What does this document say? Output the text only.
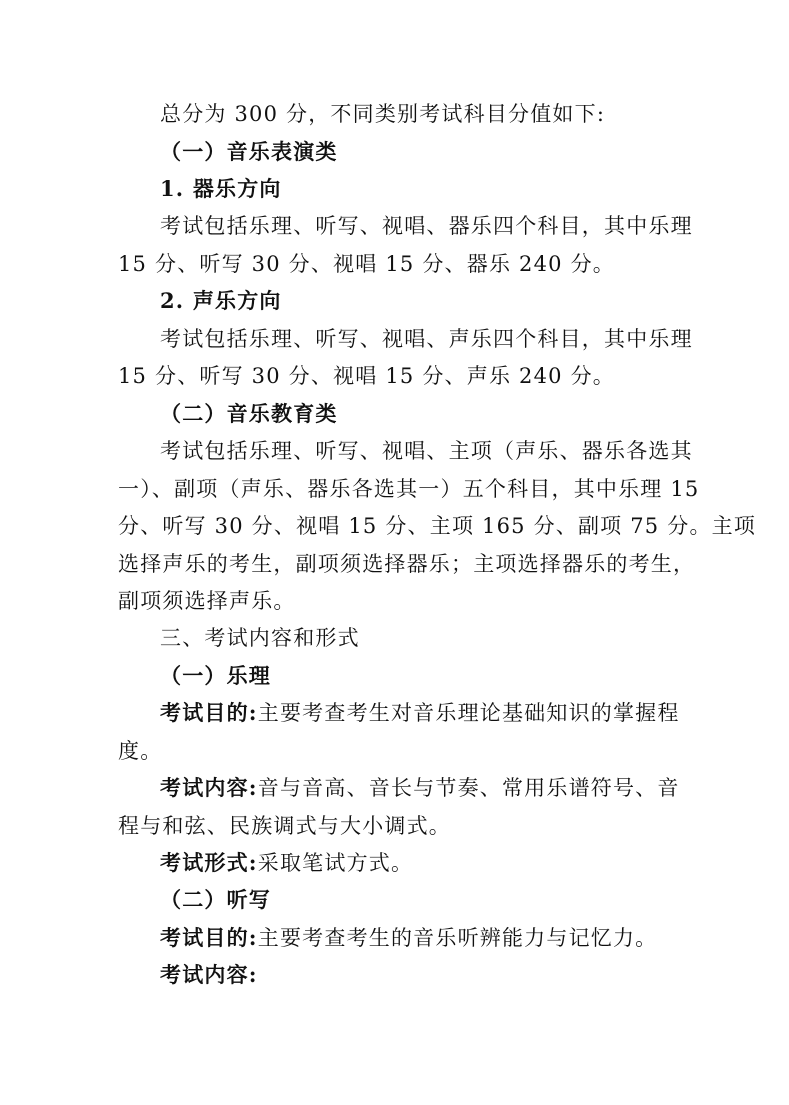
总分为 300 分，不同类别考试科目分值如下:
（一）音乐表演类
1. 器乐方向
考试包括乐理、听写、视唱、器乐四个科目，其中乐理
15 分、听写 30 分、视唱 15 分、器乐 240 分。
2. 声乐方向
考试包括乐理、听写、视唱、声乐四个科目，其中乐理
15 分、听写 30 分、视唱 15 分、声乐 240 分。
（二）音乐教育类
考试包括乐理、听写、视唱、主项（声乐、器乐各选其
一）、副项（声乐、器乐各选其一）五个科目，其中乐理 15
分、听写 30 分、视唱 15 分、主项 165 分、副项 75 分。主项
选择声乐的考生，副项须选择器乐；主项选择器乐的考生，
副项须选择声乐。
三、考试内容和形式
（一）乐理
考试目的:主要考查考生对音乐理论基础知识的掌握程
度。
考试内容:音与音高、音长与节奏、常用乐谱符号、音
程与和弦、民族调式与大小调式。
考试形式:采取笔试方式。
（二）听写
考试目的:主要考查考生的音乐听辨能力与记忆力。
考试内容:
